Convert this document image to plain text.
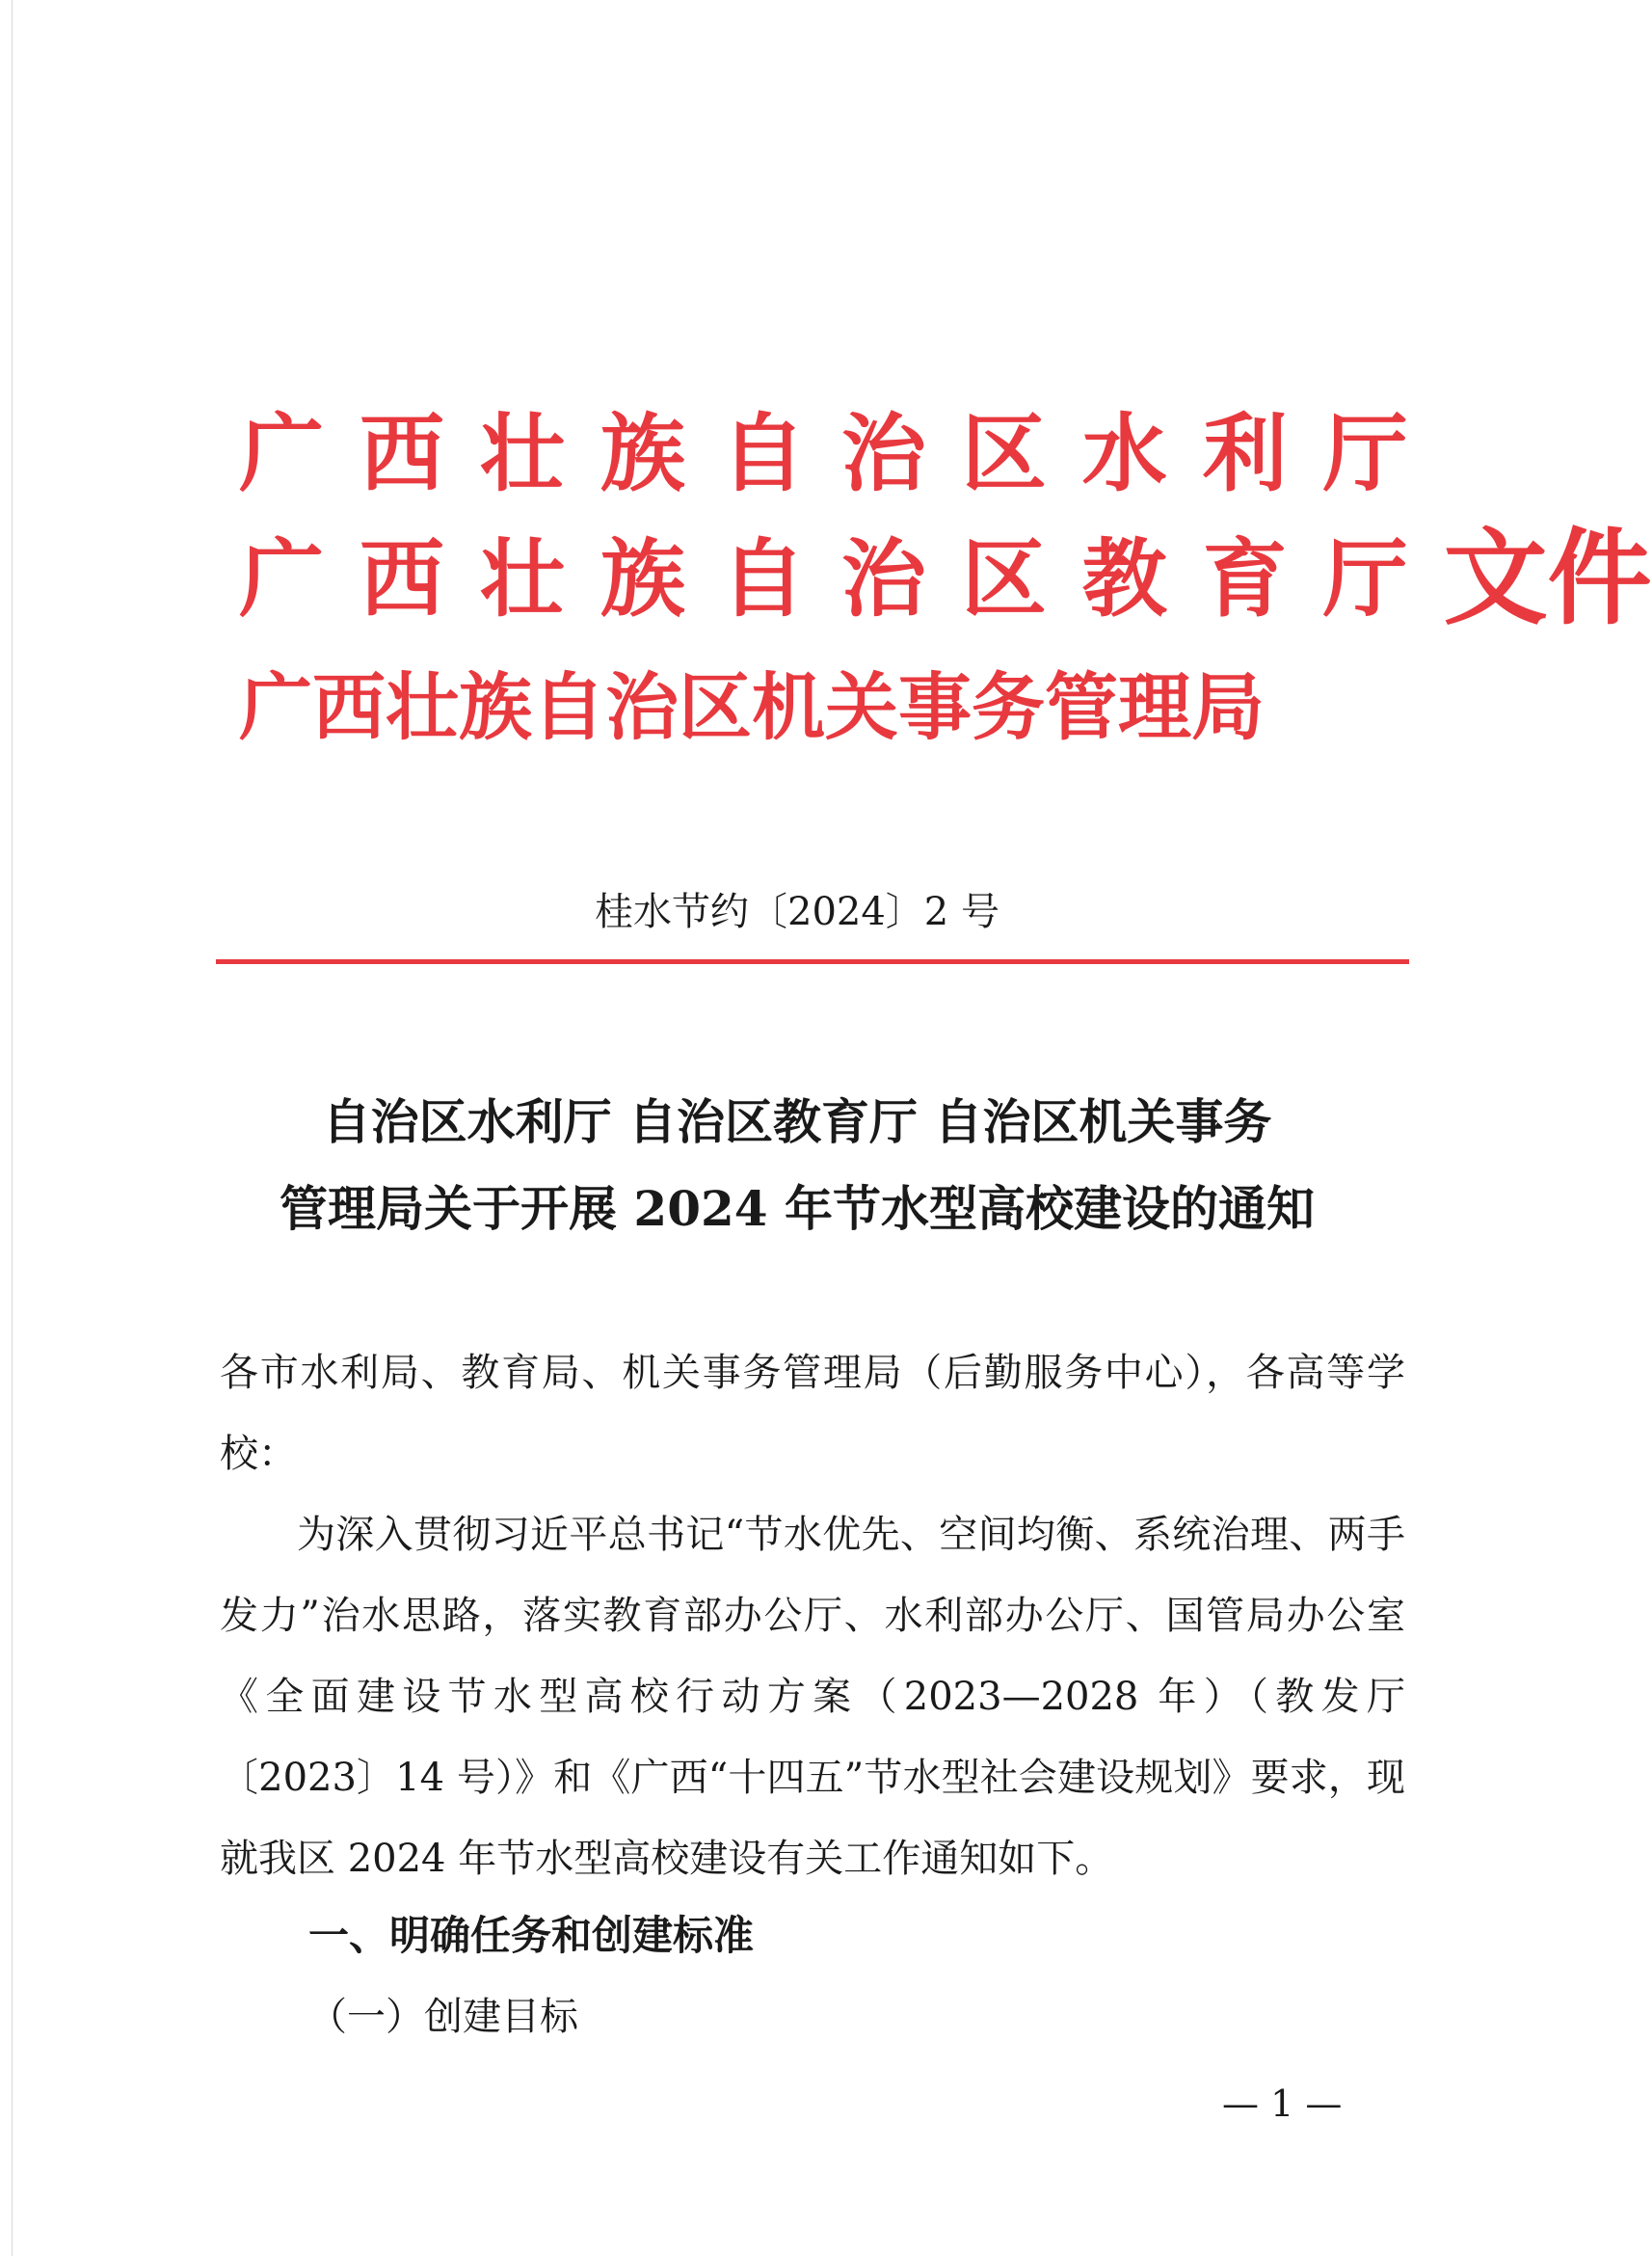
广西壮族自治区水利厅

广西壮族自治区教育厅文件

广西壮族自治区机关事务管理局

桂水节约〔2024〕2 号

自治区水利厅 自治区教育厅 自治区机关事务

管理局关于开展 2024 年节水型高校建设的通知

各市水利局、教育局、机关事务管理局（后勤服务中心），各高等学校：

为深入贯彻习近平总书记“节水优先、空间均衡、系统治理、两手发力”治水思路，落实教育部办公厅、水利部办公厅、国管局办公室《全面建设节水型高校行动方案（2023—2028 年）（教发厅〔2023〕14 号）》和《广西“十四五”节水型社会建设规划》要求，现就我区 2024 年节水型高校建设有关工作通知如下。

一、明确任务和创建标准

（一）创建目标

— 1 —
